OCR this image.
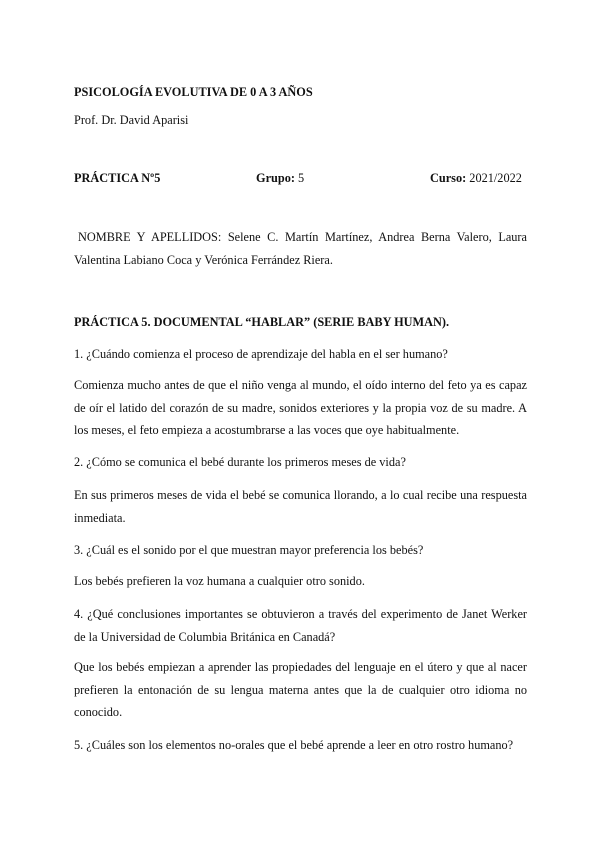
PSICOLOGÍA EVOLUTIVA DE 0 A 3 AÑOS
Prof. Dr. David Aparisi
PRÁCTICA Nº5	Grupo: 5	Curso: 2021/2022
NOMBRE Y APELLIDOS: Selene C. Martín Martínez, Andrea Berna Valero, Laura Valentina Labiano Coca y Verónica Ferrández Riera.
PRÁCTICA 5. DOCUMENTAL “HABLAR” (SERIE BABY HUMAN).
1. ¿Cuándo comienza el proceso de aprendizaje del habla en el ser humano?
Comienza mucho antes de que el niño venga al mundo, el oído interno del feto ya es capaz de oír el latido del corazón de su madre, sonidos exteriores y la propia voz de su madre. A los meses, el feto empieza a acostumbrarse a las voces que oye habitualmente.
2. ¿Cómo se comunica el bebé durante los primeros meses de vida?
En sus primeros meses de vida el bebé se comunica llorando, a lo cual recibe una respuesta inmediata.
3. ¿Cuál es el sonido por el que muestran mayor preferencia los bebés?
Los bebés prefieren la voz humana a cualquier otro sonido.
4. ¿Qué conclusiones importantes se obtuvieron a través del experimento de Janet Werker de la Universidad de Columbia Británica en Canadá?
Que los bebés empiezan a aprender las propiedades del lenguaje en el útero y que al nacer prefieren la entonación de su lengua materna antes que la de cualquier otro idioma no conocido.
5. ¿Cuáles son los elementos no-orales que el bebé aprende a leer en otro rostro humano?
